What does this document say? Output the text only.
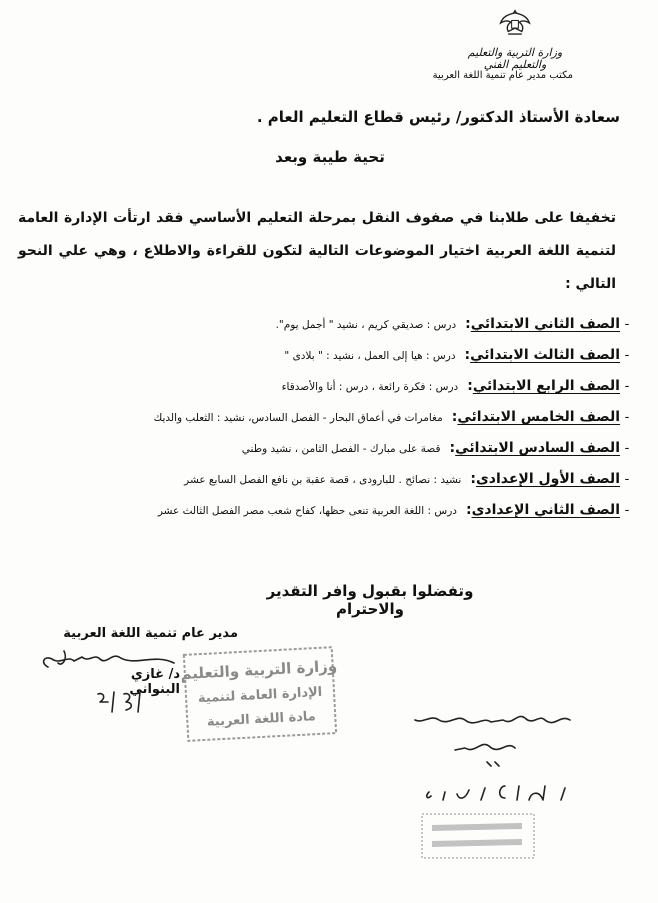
وزارة التربية والتعليم
والتعليم الفني
مكتب مدير عام تنمية اللغة العربية
سعادة الأستاذ الدكتور/ رئيس قطاع التعليم العام .
تحية طيبة وبعد
تخفيفا على طلابنا في صفوف النقل بمرحلة التعليم الأساسي فقد ارتأت الإدارة العامة لتنمية اللغة العربية اختيار الموضوعات التالية لتكون للقراءة والاطلاع ، وهي علي النحو التالي :
-
الصف الثاني الابتدائي
:
درس : صديقي كريم ، نشيد " أجمل يوم".
-
الصف الثالث الابتدائي
:
درس : هيا إلى العمل ، نشيد : " بلادى "
-
الصف الرابع الابتدائي
:
درس : فكرة رائعة ، درس : أنا والأصدقاء
-
الصف الخامس الابتدائي
:
مغامرات في أعماق البحار - الفصل السادس، نشيد : الثعلب والديك
-
الصف السادس الابتدائي
:
قصة على مبارك - الفصل الثامن ، نشيد وطني
-
الصف الأول الإعدادى
:
نشيد : نصائح . للبارودى ، قصة عقبة بن نافع الفصل السابع عشر
-
الصف الثاني الإعدادى
:
درس : اللغة العربية تنعى حظها، كفاح شعب مصر الفصل الثالث عشر
وتفضلوا بقبول وافر التقدير والاحترام
مدير عام تنمية اللغة العربية
د/ غازي البنواني
وزارة التربية والتعليم
الإدارة العامة لتنمية
مادة اللغة العربية
